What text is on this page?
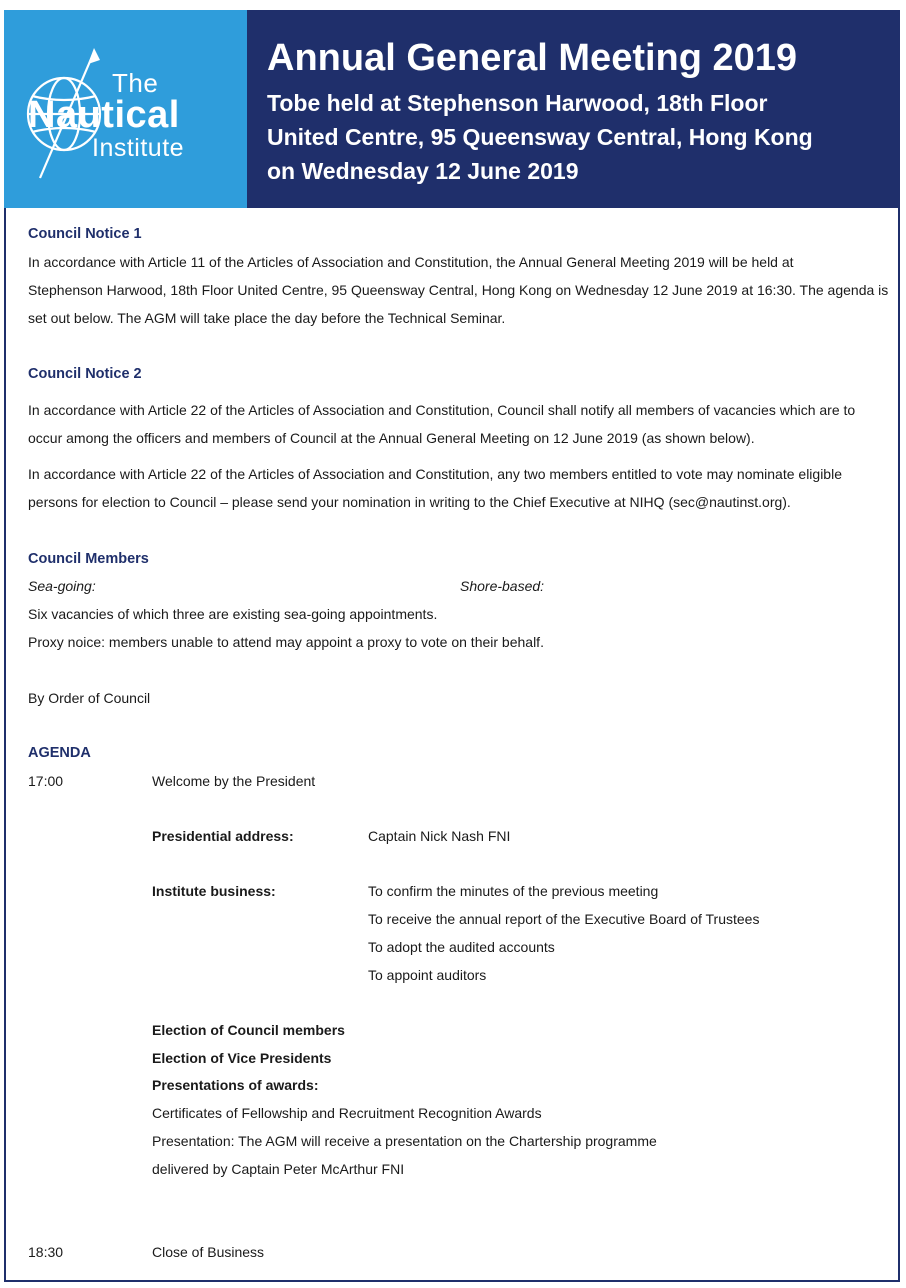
The
Nautical
Institute
Annual General Meeting 2019
Tobe held at Stephenson Harwood, 18th Floor
United Centre, 95 Queensway Central, Hong Kong
on Wednesday 12 June 2019
Council Notice 1
In accordance with Article 11 of the Articles of Association and Constitution, the Annual General Meeting 2019 will be held at
Stephenson Harwood, 18th Floor United Centre, 95 Queensway Central, Hong Kong on Wednesday 12 June 2019 at 16:30. The agenda is
set out below. The AGM will take place the day before the Technical Seminar.
Council Notice 2
In accordance with Article 22 of the Articles of Association and Constitution, Council shall notify all members of vacancies which are to
occur among the officers and members of Council at the Annual General Meeting on 12 June 2019 (as shown below).
In accordance with Article 22 of the Articles of Association and Constitution, any two members entitled to vote may nominate eligible
persons for election to Council – please send your nomination in writing to the Chief Executive at NIHQ (sec@nautinst.org).
Council Members
Sea-going:	Shore-based:
Six vacancies of which three are existing sea-going appointments.
Proxy noice: members unable to attend may appoint a proxy to vote on their behalf.
By Order of Council
AGENDA
17:00	Welcome by the President
Presidential address:	Captain Nick Nash FNI
Institute business:	To confirm the minutes of the previous meeting
To receive the annual report of the Executive Board of Trustees
To adopt the audited accounts
To appoint auditors
Election of Council members
Election of Vice Presidents
Presentations of awards:
Certificates of Fellowship and Recruitment Recognition Awards
Presentation: The AGM will receive a presentation on the Chartership programme
delivered by Captain Peter McArthur FNI
18:30	Close of Business
